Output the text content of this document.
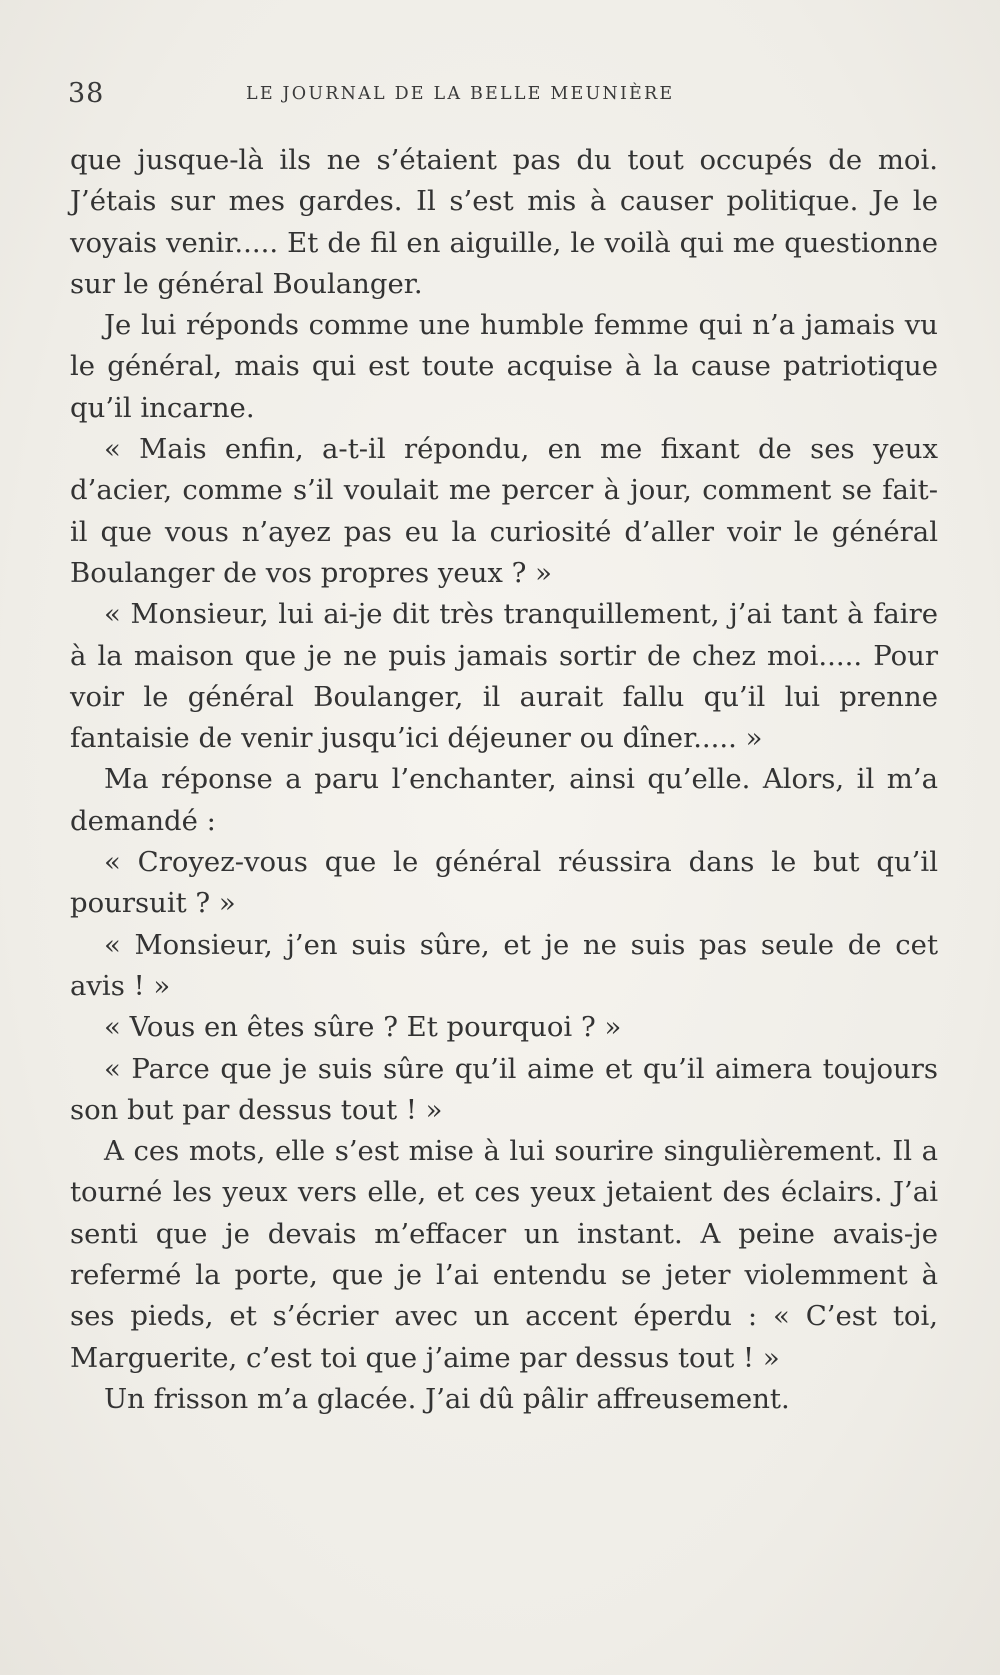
38	LE JOURNAL DE LA BELLE MEUNIÈRE

que jusque-là ils ne s’étaient pas du tout occupés de moi. J’étais sur mes gardes. Il s’est mis à causer politique. Je le voyais venir..... Et de fil en aiguille, le voilà qui me questionne sur le général Boulanger.

Je lui réponds comme une humble femme qui n’a jamais vu le général, mais qui est toute acquise à la cause patriotique qu’il incarne.

« Mais enfin, a-t-il répondu, en me fixant de ses yeux d’acier, comme s’il voulait me percer à jour, comment se fait-il que vous n’ayez pas eu la curiosité d’aller voir le général Boulanger de vos propres yeux ? »

« Monsieur, lui ai-je dit très tranquillement, j’ai tant à faire à la maison que je ne puis jamais sortir de chez moi..... Pour voir le général Boulanger, il aurait fallu qu’il lui prenne fantaisie de venir jusqu’ici déjeuner ou dîner..... »

Ma réponse a paru l’enchanter, ainsi qu’elle. Alors, il m’a demandé :

« Croyez-vous que le général réussira dans le but qu’il poursuit ? »

« Monsieur, j’en suis sûre, et je ne suis pas seule de cet avis ! »

« Vous en êtes sûre ? Et pourquoi ? »

« Parce que je suis sûre qu’il aime et qu’il aimera toujours son but par dessus tout ! »

A ces mots, elle s’est mise à lui sourire singulièrement. Il a tourné les yeux vers elle, et ces yeux jetaient des éclairs. J’ai senti que je devais m’effacer un instant. A peine avais-je refermé la porte, que je l’ai entendu se jeter violemment à ses pieds, et s’écrier avec un accent éperdu : « C’est toi, Marguerite, c’est toi que j’aime par dessus tout ! »

Un frisson m’a glacée. J’ai dû pâlir affreusement.
